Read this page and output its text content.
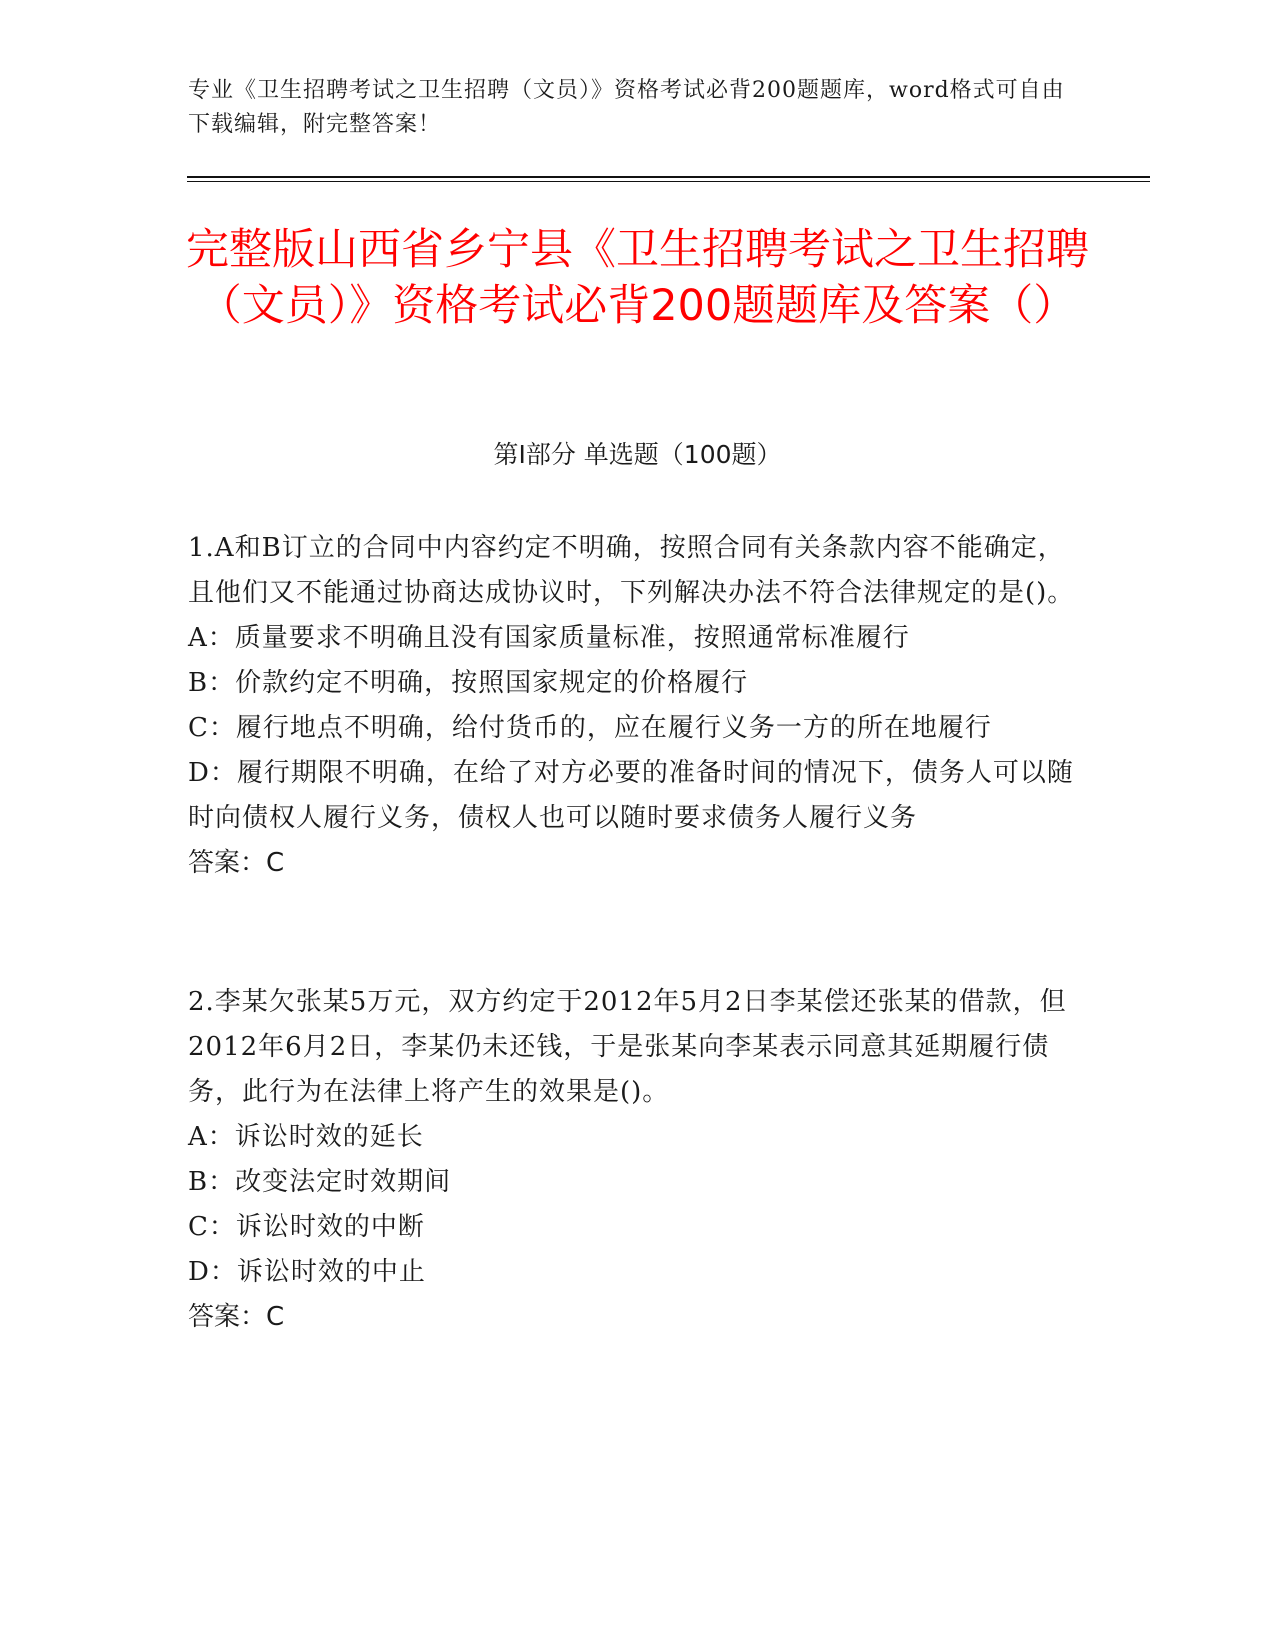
专业《卫生招聘考试之卫生招聘（文员）》资格考试必背200题题库，word格式可自由下载编辑，附完整答案！
完整版山西省乡宁县《卫生招聘考试之卫生招聘（文员）》资格考试必背200题题库及答案（）
第Ⅰ部分 单选题（100题）

1.A和B订立的合同中内容约定不明确，按照合同有关条款内容不能确定，且他们又不能通过协商达成协议时，下列解决办法不符合法律规定的是()。

A：质量要求不明确且没有国家质量标准，按照通常标准履行

B：价款约定不明确，按照国家规定的价格履行

C：履行地点不明确，给付货币的，应在履行义务一方的所在地履行

D：履行期限不明确，在给了对方必要的准备时间的情况下，债务人可以随时向债权人履行义务，债权人也可以随时要求债务人履行义务

答案：C

2.李某欠张某5万元，双方约定于2012年5月2日李某偿还张某的借款，但2012年6月2日，李某仍未还钱，于是张某向李某表示同意其延期履行债务，此行为在法律上将产生的效果是()。

A：诉讼时效的延长

B：改变法定时效期间

C：诉讼时效的中断

D：诉讼时效的中止

答案：C
